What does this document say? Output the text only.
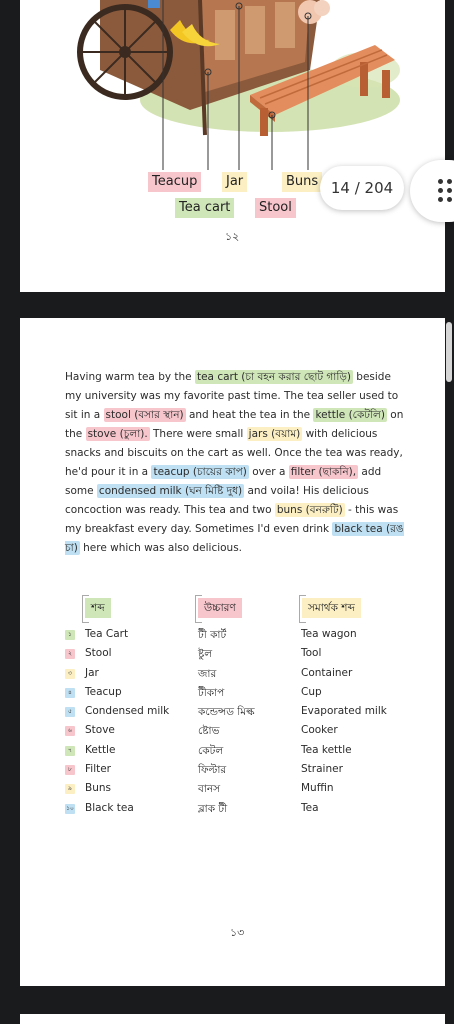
Teacup	Jar	Buns
Tea cart	Stool
১২
14 / 204

Having warm tea by the tea cart (চা বহন করার ছোট গাড়ি) beside my university was my favorite past time. The tea seller used to sit in a stool (বসার স্থান) and heat the tea in the kettle (কেটলি) on the stove (চুলা). There were small jars (বয়াম) with delicious snacks and biscuits on the cart as well. Once the tea was ready, he'd pour it in a teacup (চায়ের কাপ) over a filter (ছাকনি), add some condensed milk (ঘন মিষ্টি দুধ) and voila! His delicious concoction was ready. This tea and two buns (বনরুটি) - this was my breakfast every day. Sometimes I'd even drink black tea (রঙ চা) here which was also delicious.

শব্দ	উচ্চারণ	সমার্থক শব্দ
১ Tea Cart	টী কার্ট	Tea wagon
২ Stool	ষ্টুল	Tool
৩ Jar	জার	Container
৪ Teacup	টীকাপ	Cup
৫ Condensed milk	কন্ডেন্সড মিল্ক	Evaporated milk
৬ Stove	ষ্টোভ	Cooker
৭ Kettle	কেটল	Tea kettle
৮ Filter	ফিল্টার	Strainer
৯ Buns	বানস	Muffin
১০ Black tea	ব্লাক টী	Tea
১৩
